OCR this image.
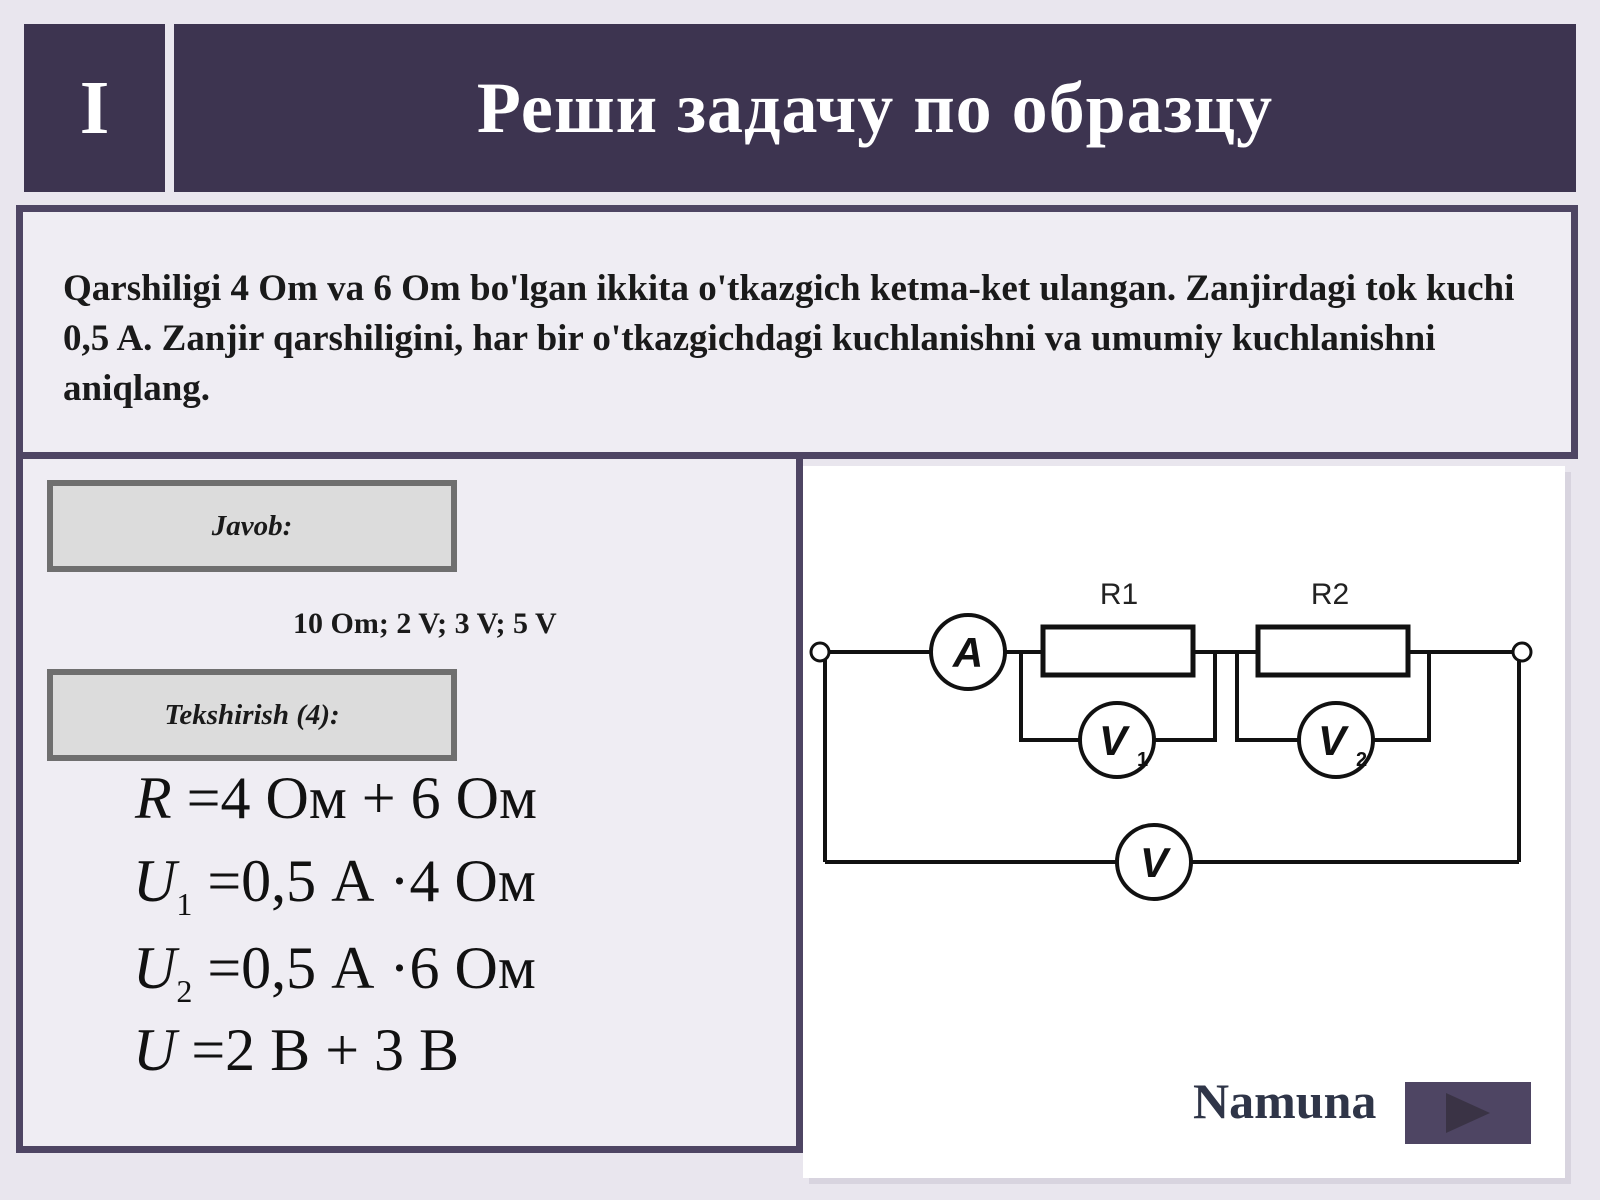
I	Реши задачу по образцу

Qarshiligi 4 Om va 6 Om bo'lgan ikkita o'tkazgich ketma-ket ulangan. Zanjirdagi tok kuchi 0,5 A. Zanjir qarshiligini, har bir o'tkazgichdagi kuchlanishni va umumiy kuchlanishni aniqlang.

Javob:
10 Om; 2 V; 3 V; 5 V
Tekshirish (4):
R =4 Ом + 6 Ом
$U_1 =0,5$ А ·4 Ом
$U_2 =0,5$ А ·6 Ом
U =2 В + 3 В
R1	R2
A
V 1	V 2
V
Namuna
